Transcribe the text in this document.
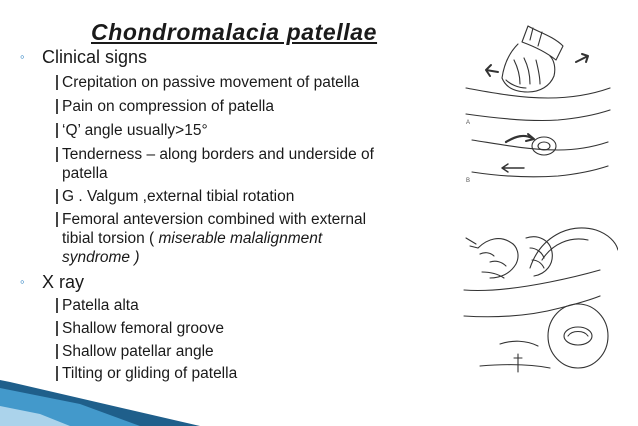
Chondromalacia patellae
◦ Clinical signs
Crepitation on passive movement of patella
Pain on compression of patella
‘Q’ angle usually>15°
Tenderness – along borders and underside of
patella
G . Valgum ,external tibial rotation
Femoral anteversion combined with external
tibial torsion ( miserable malalignment
syndrome )
◦ X ray
Patella alta
Shallow femoral groove
Shallow patellar angle
Tilting or gliding of patella
A
B
